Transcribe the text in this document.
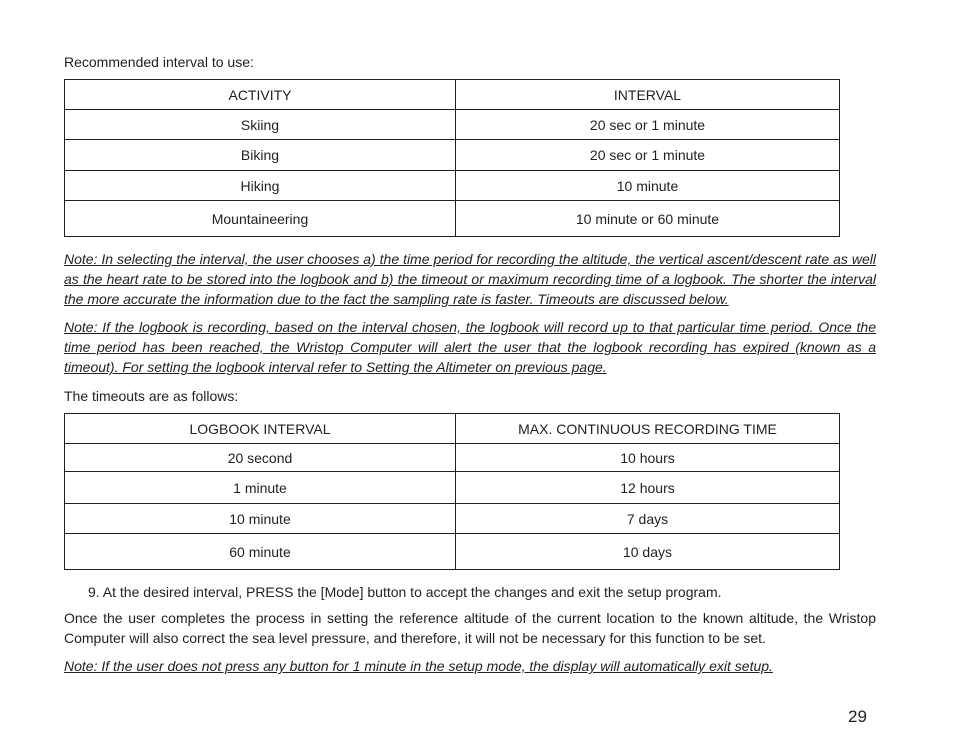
Recommended interval to use:
ACTIVITY	INTERVAL
Skiing	20 sec or 1 minute
Biking	20 sec or 1 minute
Hiking	10 minute
Mountaineering	10 minute or 60 minute
Note: In selecting the interval, the user chooses a) the time period for recording the altitude, the vertical ascent/descent rate as well as the heart rate to be stored into the logbook and b) the timeout or maximum recording time of a logbook. The shorter the interval the more accurate the information due to the fact the sampling rate is faster. Timeouts are discussed below.
Note: If the logbook is recording, based on the interval chosen, the logbook will record up to that particular time period. Once the time period has been reached, the Wristop Computer will alert the user that the logbook recording has expired (known as a timeout). For setting the logbook interval refer to Setting the Altimeter on previous page.
The timeouts are as follows:
LOGBOOK INTERVAL	MAX. CONTINUOUS RECORDING TIME
20 second	10 hours
1 minute	12 hours
10 minute	7 days
60 minute	10 days
9. At the desired interval, PRESS the [Mode] button to accept the changes and exit the setup program.
Once the user completes the process in setting the reference altitude of the current location to the known altitude, the Wristop Computer will also correct the sea level pressure, and therefore, it will not be necessary for this function to be set.
Note: If the user does not press any button for 1 minute in the setup mode, the display will automatically exit setup.
29
